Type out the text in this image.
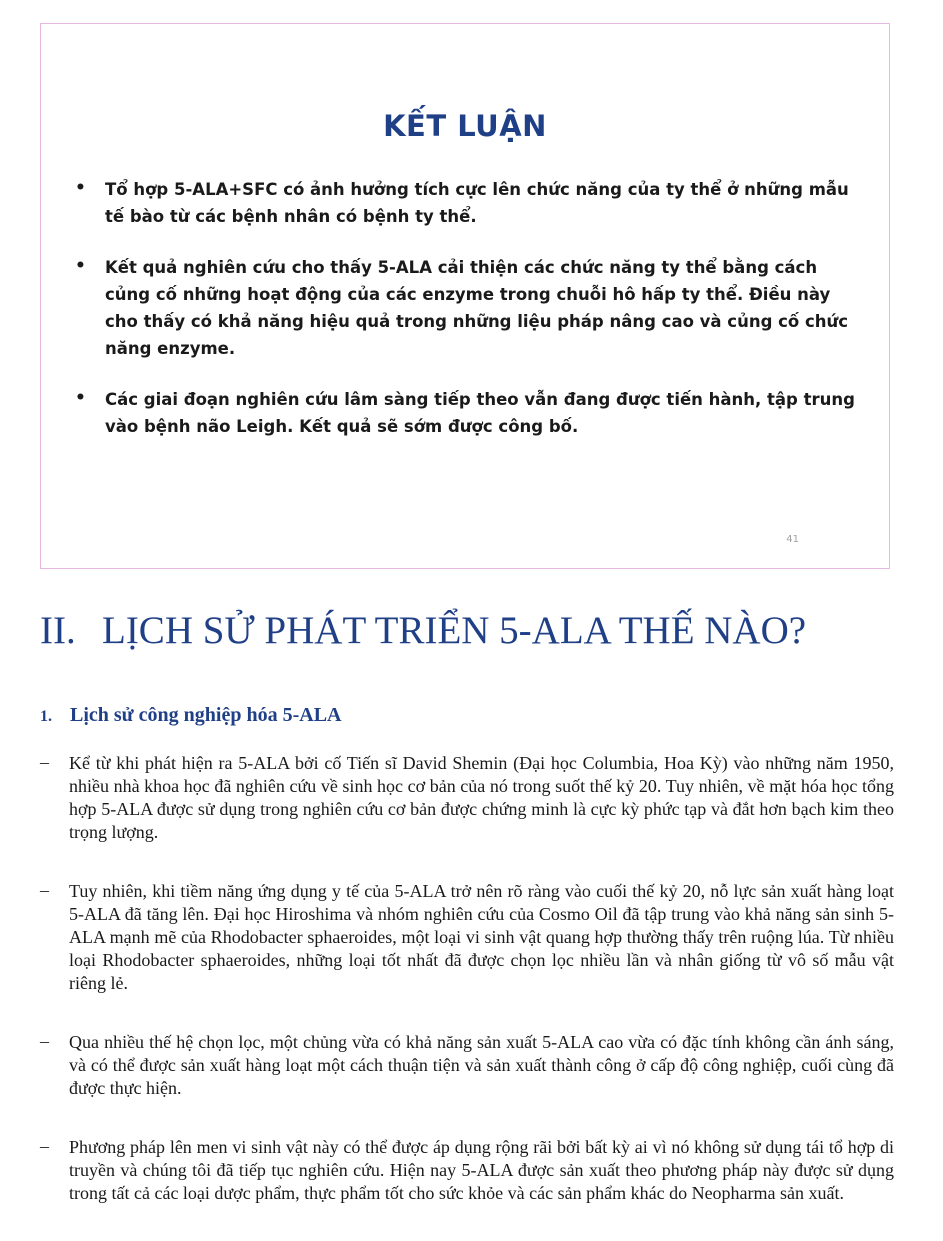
KẾT LUẬN
• Tổ hợp 5-ALA+SFC có ảnh hưởng tích cực lên chức năng của ty thể ở những mẫu tế bào từ các bệnh nhân có bệnh ty thể.
• Kết quả nghiên cứu cho thấy 5-ALA cải thiện các chức năng ty thể bằng cách củng cố những hoạt động của các enzyme trong chuỗi hô hấp ty thể. Điều này cho thấy có khả năng hiệu quả trong những liệu pháp nâng cao và củng cố chức năng enzyme.
• Các giai đoạn nghiên cứu lâm sàng tiếp theo vẫn đang được tiến hành, tập trung vào bệnh não Leigh. Kết quả sẽ sớm được công bố.
41
II. LỊCH SỬ PHÁT TRIỂN 5-ALA THẾ NÀO?
1. Lịch sử công nghiệp hóa 5-ALA
– Kể từ khi phát hiện ra 5-ALA bởi cố Tiến sĩ David Shemin (Đại học Columbia, Hoa Kỳ) vào những năm 1950, nhiều nhà khoa học đã nghiên cứu về sinh học cơ bản của nó trong suốt thế kỷ 20. Tuy nhiên, về mặt hóa học tổng hợp 5-ALA được sử dụng trong nghiên cứu cơ bản được chứng minh là cực kỳ phức tạp và đắt hơn bạch kim theo trọng lượng.
– Tuy nhiên, khi tiềm năng ứng dụng y tế của 5-ALA trở nên rõ ràng vào cuối thế kỷ 20, nỗ lực sản xuất hàng loạt 5-ALA đã tăng lên. Đại học Hiroshima và nhóm nghiên cứu của Cosmo Oil đã tập trung vào khả năng sản sinh 5-ALA mạnh mẽ của Rhodobacter sphaeroides, một loại vi sinh vật quang hợp thường thấy trên ruộng lúa. Từ nhiều loại Rhodobacter sphaeroides, những loại tốt nhất đã được chọn lọc nhiều lần và nhân giống từ vô số mẫu vật riêng lẻ.
– Qua nhiều thế hệ chọn lọc, một chủng vừa có khả năng sản xuất 5-ALA cao vừa có đặc tính không cần ánh sáng, và có thể được sản xuất hàng loạt một cách thuận tiện và sản xuất thành công ở cấp độ công nghiệp, cuối cùng đã được thực hiện.
– Phương pháp lên men vi sinh vật này có thể được áp dụng rộng rãi bởi bất kỳ ai vì nó không sử dụng tái tổ hợp di truyền và chúng tôi đã tiếp tục nghiên cứu. Hiện nay 5-ALA được sản xuất theo phương pháp này được sử dụng trong tất cả các loại dược phẩm, thực phẩm tốt cho sức khỏe và các sản phẩm khác do Neopharma sản xuất.
